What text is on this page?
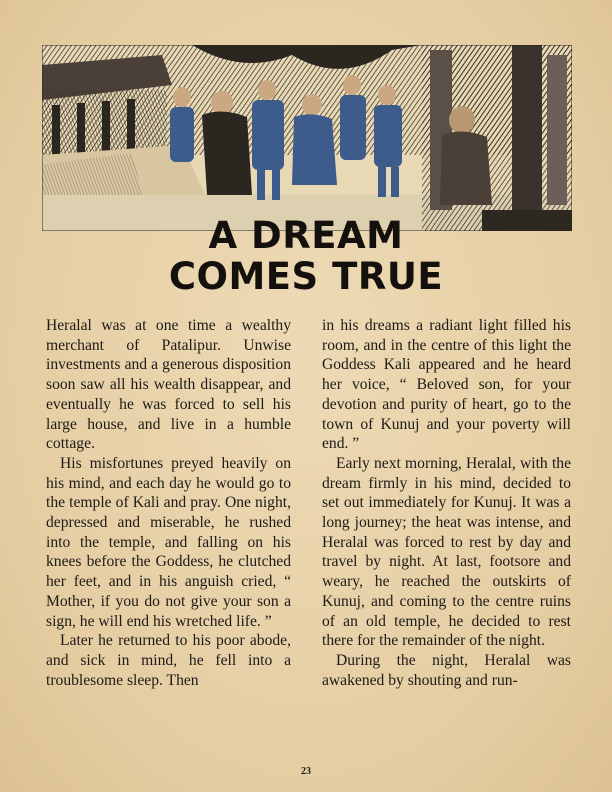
A DREAM
COMES TRUE

Heralal was at one time a wealthy merchant of Patalipur. Unwise investments and a generous disposition soon saw all his wealth disappear, and eventually he was forced to sell his large house, and live in a humble cottage.

His misfortunes preyed heavily on his mind, and each day he would go to the temple of Kali and pray. One night, depressed and miserable, he rushed into the temple, and falling on his knees before the Goddess, he clutched her feet, and in his anguish cried, “ Mother, if you do not give your son a sign, he will end his wretched life. ”

Later he returned to his poor abode, and sick in mind, he fell into a troublesome sleep. Then

in his dreams a radiant light filled his room, and in the centre of this light the Goddess Kali appeared and he heard her voice, “ Beloved son, for your devotion and purity of heart, go to the town of Kunuj and your poverty will end. ”

Early next morning, Heralal, with the dream firmly in his mind, decided to set out immediately for Kunuj. It was a long journey; the heat was intense, and Heralal was forced to rest by day and travel by night. At last, footsore and weary, he reached the outskirts of Kunuj, and coming to the centre ruins of an old temple, he decided to rest there for the remainder of the night.

During the night, Heralal was awakened by shouting and run-

23
